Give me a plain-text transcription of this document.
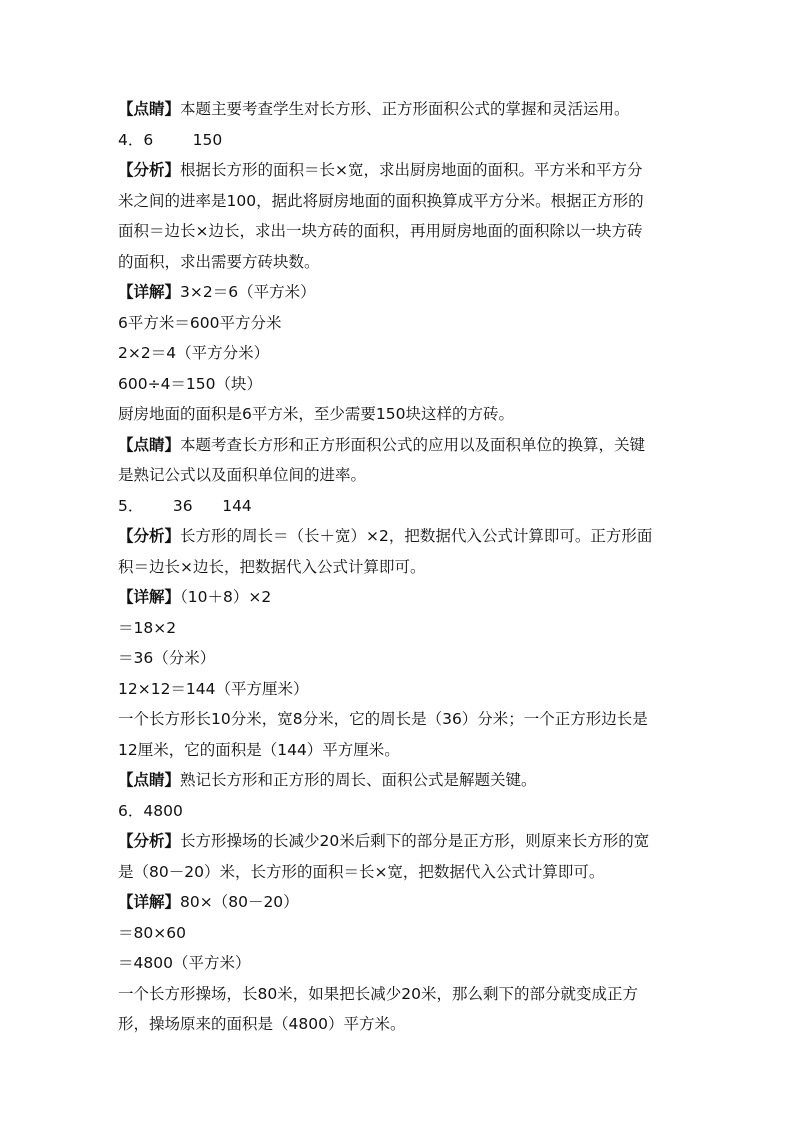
【点睛】本题主要考查学生对长方形、正方形面积公式的掌握和灵活运用。

4．6        150

【分析】根据长方形的面积＝长×宽，求出厨房地面的面积。平方米和平方分

米之间的进率是100，据此将厨房地面的面积换算成平方分米。根据正方形的

面积＝边长×边长，求出一块方砖的面积，再用厨房地面的面积除以一块方砖

的面积，求出需要方砖块数。

【详解】3×2＝6（平方米）

6平方米＝600平方分米

2×2＝4（平方分米）

600÷4＝150（块）

厨房地面的面积是6平方米，至少需要150块这样的方砖。

【点睛】本题考查长方形和正方形面积公式的应用以及面积单位的换算，关键

是熟记公式以及面积单位间的进率。

5．      36      144

【分析】长方形的周长＝（长＋宽）×2，把数据代入公式计算即可。正方形面

积＝边长×边长，把数据代入公式计算即可。

【详解】（10＋8）×2

＝18×2

＝36（分米）

12×12＝144（平方厘米）

一个长方形长10分米，宽8分米，它的周长是（36）分米；一个正方形边长是

12厘米，它的面积是（144）平方厘米。

【点睛】熟记长方形和正方形的周长、面积公式是解题关键。

6．4800

【分析】长方形操场的长减少20米后剩下的部分是正方形，则原来长方形的宽

是（80－20）米，长方形的面积＝长×宽，把数据代入公式计算即可。

【详解】80×（80－20）

＝80×60

＝4800（平方米）

一个长方形操场，长80米，如果把长减少20米，那么剩下的部分就变成正方

形，操场原来的面积是（4800）平方米。
